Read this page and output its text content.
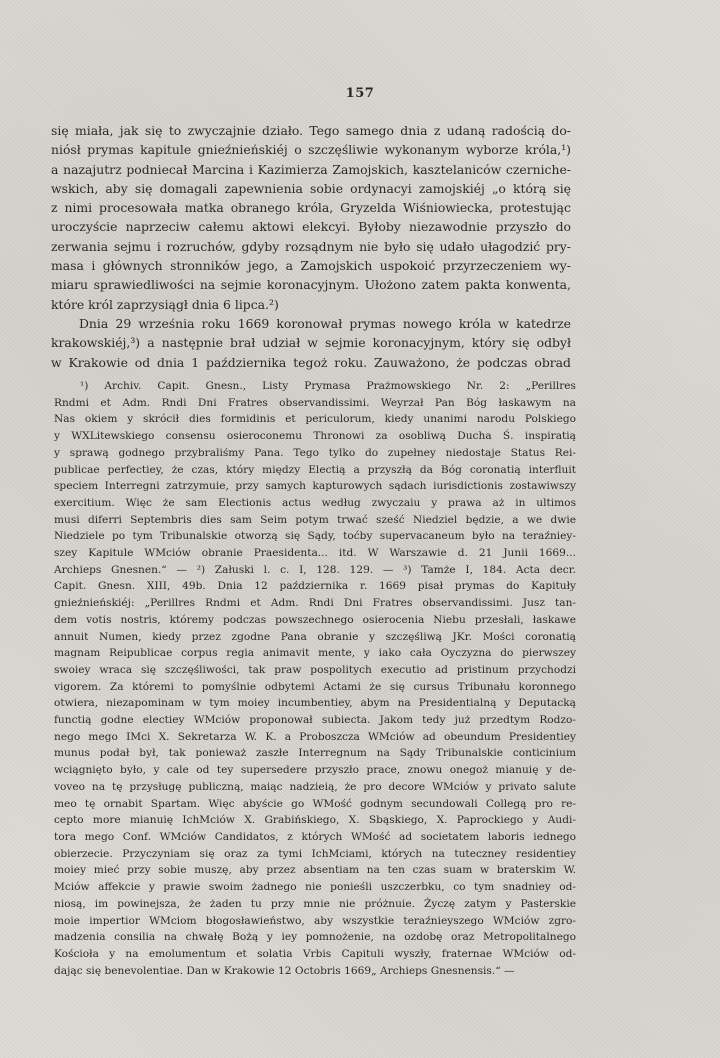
157
się miała, jak się to zwyczajnie działo. Tego samego dnia z udaną radością do-
niósł prymas kapitule gnieźnieńskiéj o szczęśliwie wykonanym wyborze króla,¹)
a nazajutrz podniecał Marcina i Kazimierza Zamojskich, kasztelaniców czerniche-
wskich, aby się domagali zapewnienia sobie ordynacyi zamojskiéj „o którą się
z nimi procesowała matka obranego króla, Gryzelda Wiśniowiecka, protestując
uroczyście naprzeciw całemu aktowi elekcyi. Byłoby niezawodnie przyszło do
zerwania sejmu i rozruchów, gdyby rozsądnym nie było się udało ułagodzić pry-
masa i głównych stronników jego, a Zamojskich uspokoić przyrzeczeniem wy-
miaru sprawiedliwości na sejmie koronacyjnym. Ułożono zatem pakta konwenta,
które król zaprzysiągł dnia 6 lipca.²)
Dnia 29 września roku 1669 koronował prymas nowego króla w katedrze
krakowskiéj,³) a następnie brał udział w sejmie koronacyjnym, który się odbył
w Krakowie od dnia 1 października tegoż roku. Zauważono, że podczas obrad
¹) Archiv. Capit. Gnesn., Listy Prymasa Prażmowskiego Nr. 2: „Perillres
Rndmi et Adm. Rndi Dni Fratres observandissimi. Weyrzał Pan Bóg łaskawym na
Nas okiem y skrócił dies formidinis et periculorum, kiedy unanimi narodu Polskiego
y WXLitewskiego consensu osieroconemu Thronowi za osobliwą Ducha Ś. inspiratią
y sprawą godnego przybraliśmy Pana. Tego tylko do zupełney niedostaje Status Rei-
publicae perfectiey, że czas, który między Electią a przyszłą da Bóg coronatią interfluit
speciem Interregni zatrzymuie, przy samych kapturowych sądach iurisdictionis zostawiwszy
exercitium. Więc że sam Electionis actus według zwyczaiu y prawa aż in ultimos
musi diferri Septembris dies sam Seim potym trwać sześć Niedziel będzie, a we dwie
Niedziele po tym Tribunalskie otworzą się Sądy, toćby supervacaneum było na teraźniey-
szey Kapitule WMciów obranie Praesidenta... itd. W Warszawie d. 21 Junii 1669...
Archieps Gnesnen.“ — ²) Załuski l. c. I, 128. 129. — ³) Tamże I, 184. Acta decr.
Capit. Gnesn. XIII, 49b. Dnia 12 października r. 1669 pisał prymas do Kapituły
gnieźnieńskiéj: „Perillres Rndmi et Adm. Rndi Dni Fratres observandissimi. Jusz tan-
dem votis nostris, któremy podczas powszechnego osierocenia Niebu przesłali, łaskawe
annuit Numen, kiedy przez zgodne Pana obranie y szczęśliwą JKr. Mości coronatią
magnam Reipublicae corpus regia animavit mente, y iako cała Oyczyzna do pierwszey
swoiey wraca się szczęśliwości, tak praw pospolitych executio ad pristinum przychodzi
vigorem. Za któremi to pomyślnie odbytemi Actami że się cursus Tribunału koronnego
otwiera, niezapominam w tym moiey incumbentiey, abym na Presidentialną y Deputacką
functią godne electiey WMciów proponował subiecta. Jakom tedy już przedtym Rodzo-
nego mego IMci X. Sekretarza W. K. a Proboszcza WMciów ad obeundum Presidentiey
munus podał był, tak ponieważ zaszłe Interregnum na Sądy Tribunalskie conticinium
wciągnięto było, y cale od tey supersedere przyszło prace, znowu onegoż mianuię y de-
voveo na tę przysługę publiczną, maiąc nadzieią, że pro decore WMciów y privato salute
meo tę ornabit Spartam. Więc abyście go WMość godnym secundowali Collegą pro re-
cepto more mianuię IchMciów X. Grabińskiego, X. Sbąskiego, X. Paprockiego y Audi-
tora mego Conf. WMciów Candidatos, z których WMość ad societatem laboris iednego
obierzecie. Przyczyniam się oraz za tymi IchMciami, których na tuteczney residentiey
moiey mieć przy sobie muszę, aby przez absentiam na ten czas suam w braterskim W.
Mciów affekcie y prawie swoim żadnego nie ponieśli uszczerbku, co tym snadniey od-
niosą, im powinejsza, że żaden tu przy mnie nie próżnuie. Życzę zatym y Pasterskie
moie impertior WMciom błogosławieństwo, aby wszystkie teraźnieyszego WMciów zgro-
madzenia consilia na chwałę Bożą y iey pomnożenie, na ozdobę oraz Metropolitalnego
Kościoła y na emolumentum et solatia Vrbis Capituli wyszły, fraternae WMciów od-
dając się benevolentiae. Dan w Krakowie 12 Octobris 1669„ Archieps Gnesnensis.“ —
